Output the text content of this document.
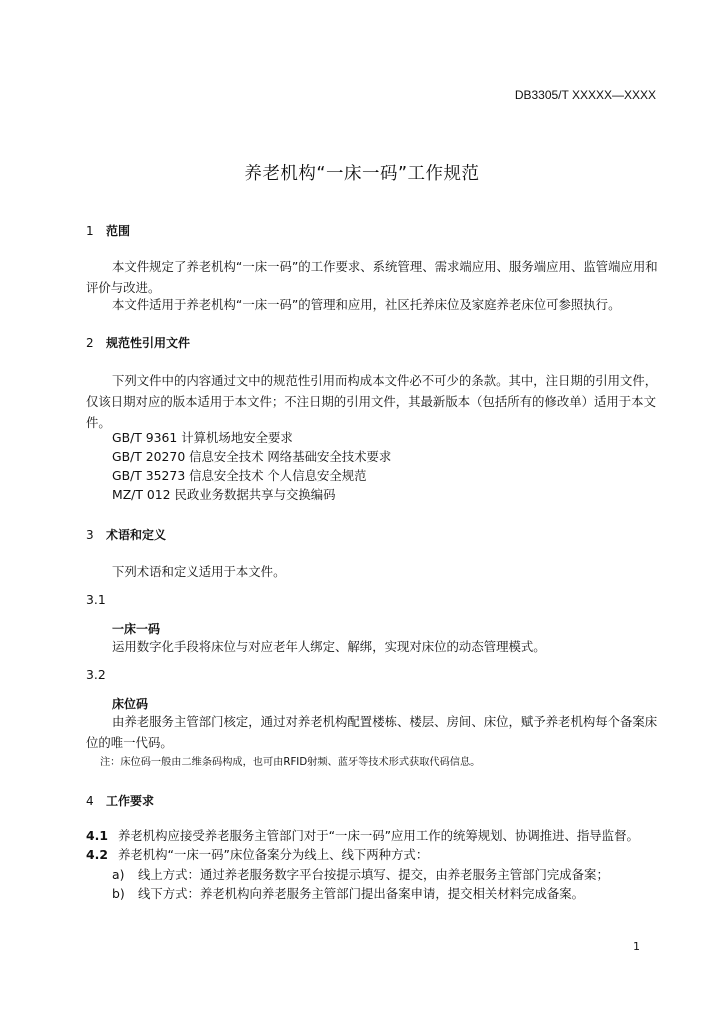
DB3305/T XXXXX—XXXX
养老机构“一床一码”工作规范
1 范围
本文件规定了养老机构“一床一码”的工作要求、系统管理、需求端应用、服务端应用、监管端应用和评价与改进。
本文件适用于养老机构“一床一码”的管理和应用，社区托养床位及家庭养老床位可参照执行。
2 规范性引用文件
下列文件中的内容通过文中的规范性引用而构成本文件必不可少的条款。其中，注日期的引用文件，仅该日期对应的版本适用于本文件；不注日期的引用文件，其最新版本（包括所有的修改单）适用于本文件。
GB/T 9361 计算机场地安全要求
GB/T 20270 信息安全技术 网络基础安全技术要求
GB/T 35273 信息安全技术 个人信息安全规范
MZ/T 012 民政业务数据共享与交换编码
3 术语和定义
下列术语和定义适用于本文件。
3.1
一床一码
运用数字化手段将床位与对应老年人绑定、解绑，实现对床位的动态管理模式。
3.2
床位码
由养老服务主管部门核定，通过对养老机构配置楼栋、楼层、房间、床位，赋予养老机构每个备案床位的唯一代码。
注：床位码一般由二维条码构成，也可由RFID射频、蓝牙等技术形式获取代码信息。
4 工作要求
4.1 养老机构应接受养老服务主管部门对于“一床一码”应用工作的统筹规划、协调推进、指导监督。
4.2 养老机构“一床一码”床位备案分为线上、线下两种方式：
a) 线上方式：通过养老服务数字平台按提示填写、提交，由养老服务主管部门完成备案；
b) 线下方式：养老机构向养老服务主管部门提出备案申请，提交相关材料完成备案。
1
